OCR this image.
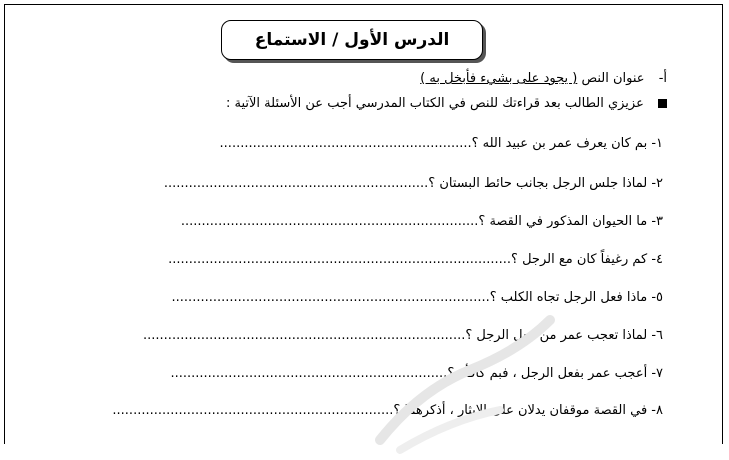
الدرس الأول / الاستماع
أ- عنوان النص ( يجود على بشيء فأبخل به )
عزيزي الطالب بعد قراءتك للنص في الكتاب المدرسي أجب عن الأسئلة الآتية :
١- بم كان يعرف عمر بن عبيد الله ؟.............................................................
٢- لماذا جلس الرجل بجانب حائط البستان ؟................................................................
٣- ما الحيوان المذكور في القصة ؟........................................................................
٤- كم رغيفاً كان مع الرجل ؟...................................................................................
٥- ماذا فعل الرجل تجاه الكلب ؟.............................................................................
٦- لماذا تعجب عمر من فعل الرجل ؟..............................................................................
٧- أعجب عمر بفعل الرجل ، فبم كافأه ؟...................................................................
٨- في القصة موقفان يدلان على الإيثار ، أذكرهما ؟....................................................................
